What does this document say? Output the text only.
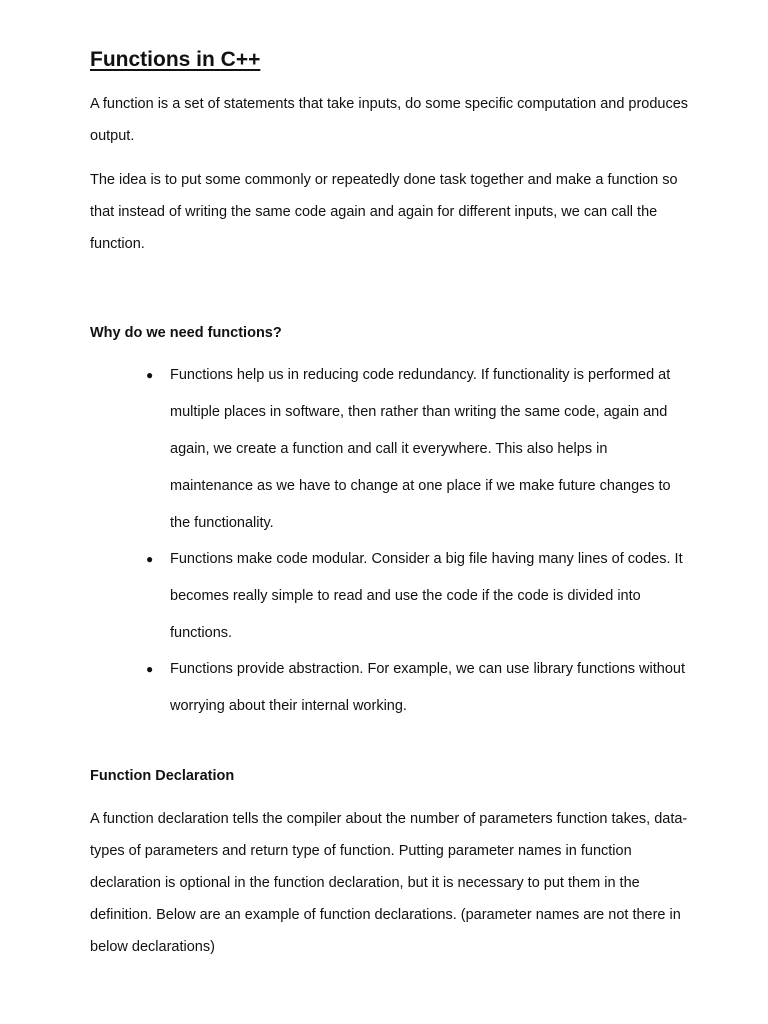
Functions in C++

A function is a set of statements that take inputs, do some specific computation and produces output.

The idea is to put some commonly or repeatedly done task together and make a function so that instead of writing the same code again and again for different inputs, we can call the function.

Why do we need functions?
● Functions help us in reducing code redundancy. If functionality is performed at multiple places in software, then rather than writing the same code, again and again, we create a function and call it everywhere. This also helps in maintenance as we have to change at one place if we make future changes to the functionality.
● Functions make code modular. Consider a big file having many lines of codes. It becomes really simple to read and use the code if the code is divided into functions.
● Functions provide abstraction. For example, we can use library functions without worrying about their internal working.
Function Declaration

A function declaration tells the compiler about the number of parameters function takes, data-types of parameters and return type of function. Putting parameter names in function declaration is optional in the function declaration, but it is necessary to put them in the definition. Below are an example of function declarations. (parameter names are not there in below declarations)
